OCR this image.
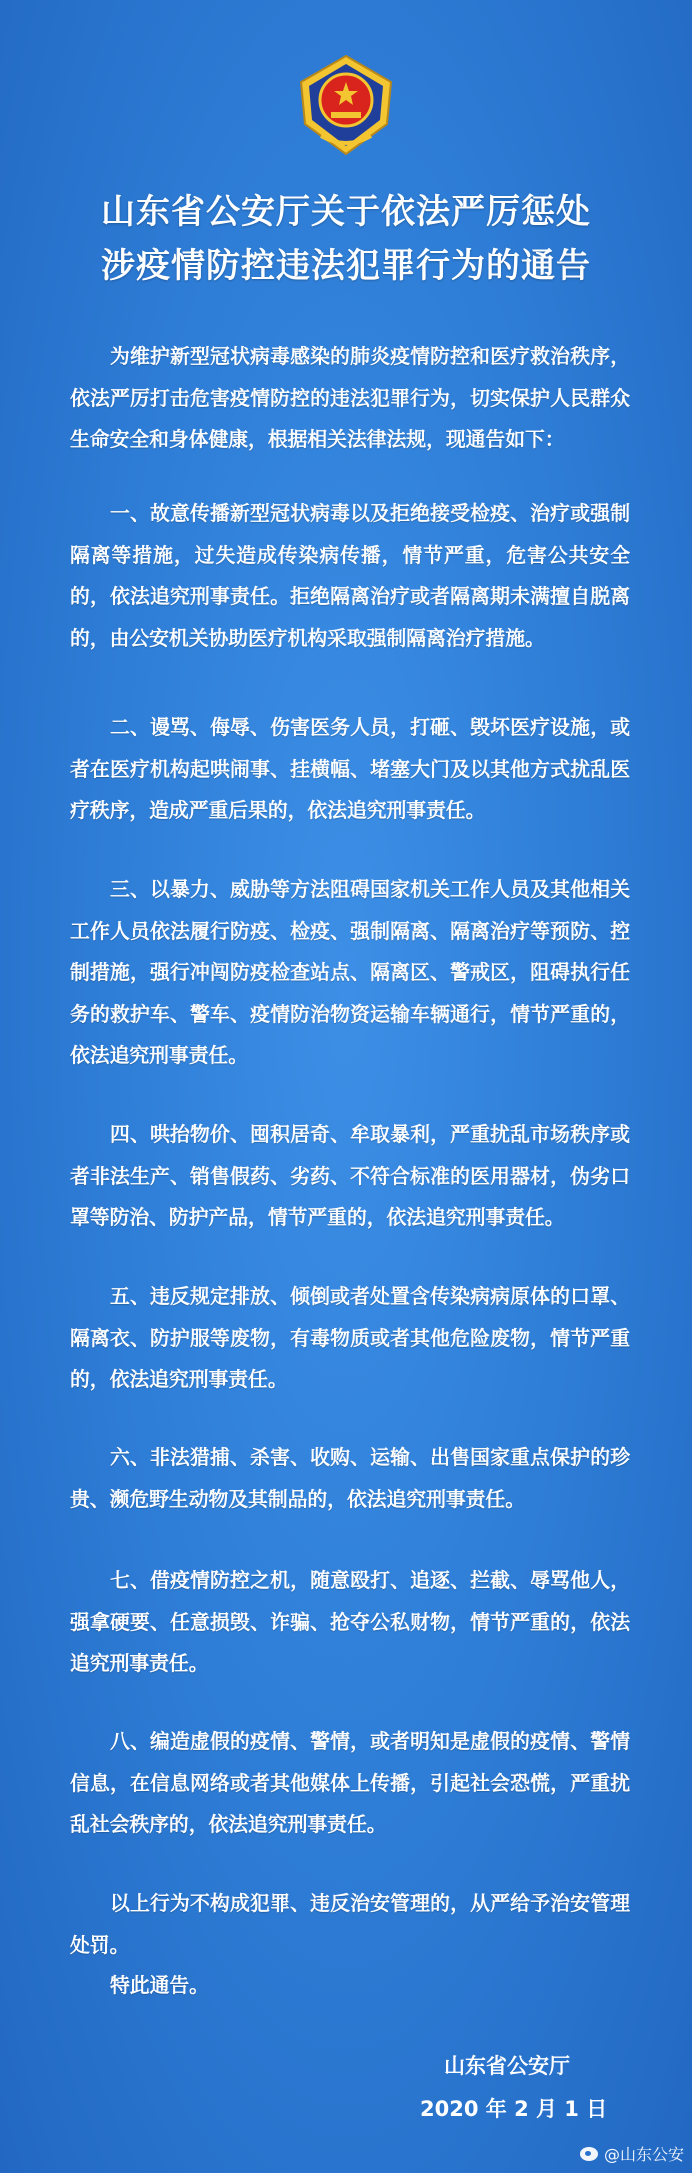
山东省公安厅关于依法严厉惩处
涉疫情防控违法犯罪行为的通告

为维护新型冠状病毒感染的肺炎疫情防控和医疗救治秩序，依法严厉打击危害疫情防控的违法犯罪行为，切实保护人民群众生命安全和身体健康，根据相关法律法规，现通告如下：

一、故意传播新型冠状病毒以及拒绝接受检疫、治疗或强制隔离等措施，过失造成传染病传播，情节严重，危害公共安全的，依法追究刑事责任。拒绝隔离治疗或者隔离期未满擅自脱离的，由公安机关协助医疗机构采取强制隔离治疗措施。

二、谩骂、侮辱、伤害医务人员，打砸、毁坏医疗设施，或者在医疗机构起哄闹事、挂横幅、堵塞大门及以其他方式扰乱医疗秩序，造成严重后果的，依法追究刑事责任。

三、以暴力、威胁等方法阻碍国家机关工作人员及其他相关工作人员依法履行防疫、检疫、强制隔离、隔离治疗等预防、控制措施，强行冲闯防疫检查站点、隔离区、警戒区，阻碍执行任务的救护车、警车、疫情防治物资运输车辆通行，情节严重的，依法追究刑事责任。

四、哄抬物价、囤积居奇、牟取暴利，严重扰乱市场秩序或者非法生产、销售假药、劣药、不符合标准的医用器材，伪劣口罩等防治、防护产品，情节严重的，依法追究刑事责任。

五、违反规定排放、倾倒或者处置含传染病病原体的口罩、隔离衣、防护服等废物，有毒物质或者其他危险废物，情节严重的，依法追究刑事责任。

六、非法猎捕、杀害、收购、运输、出售国家重点保护的珍贵、濒危野生动物及其制品的，依法追究刑事责任。

七、借疫情防控之机，随意殴打、追逐、拦截、辱骂他人，强拿硬要、任意损毁、诈骗、抢夺公私财物，情节严重的，依法追究刑事责任。

八、编造虚假的疫情、警情，或者明知是虚假的疫情、警情信息，在信息网络或者其他媒体上传播，引起社会恐慌，严重扰乱社会秩序的，依法追究刑事责任。

以上行为不构成犯罪、违反治安管理的，从严给予治安管理处罚。

特此通告。

山东省公安厅
2020 年 2 月 1 日
@山东公安
